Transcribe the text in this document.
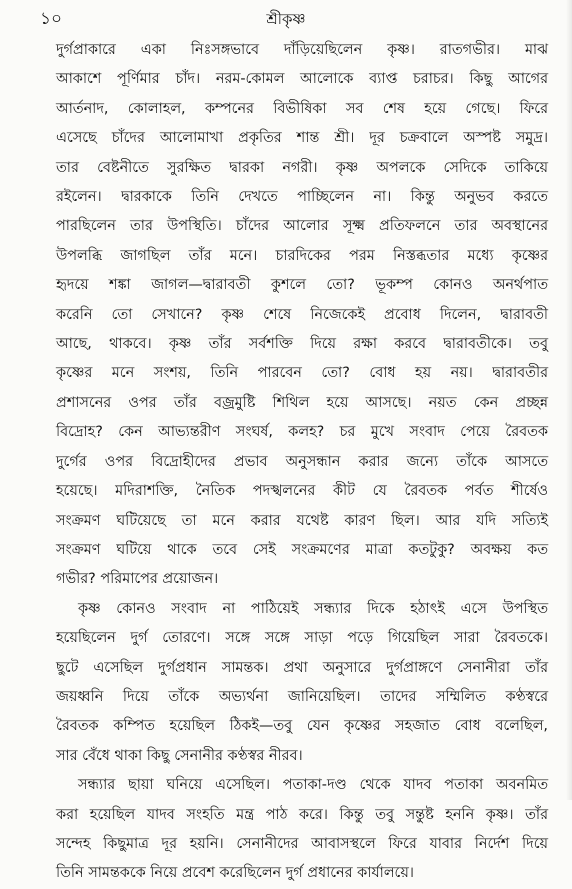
১০	শ্রীকৃষ্ণ

দুর্গপ্রাকারে একা নিঃসঙ্গভাবে দাঁড়িয়েছিলেন কৃষ্ণ। রাতগভীর। মাঝ
আকাশে পূর্ণিমার চাঁদ। নরম-কোমল আলোকে ব্যাপ্ত চরাচর। কিছু আগের
আর্তনাদ, কোলাহল, কম্পনের বিভীষিকা সব শেষ হয়ে গেছে। ফিরে
এসেছে চাঁদের আলোমাখা প্রকৃতির শান্ত শ্রী। দূর চক্রবালে অস্পষ্ট সমুদ্র।
তার বেষ্টনীতে সুরক্ষিত দ্বারকা নগরী। কৃষ্ণ অপলকে সেদিকে তাকিয়ে
রইলেন। দ্বারকাকে তিনি দেখতে পাচ্ছিলেন না। কিন্তু অনুভব করতে
পারছিলেন তার উপস্থিতি। চাঁদের আলোর সূক্ষ্ম প্রতিফলনে তার অবস্থানের
উপলব্ধি জাগছিল তাঁর মনে। চারদিকের পরম নিস্তব্ধতার মধ্যে কৃষ্ণের
হৃদয়ে শঙ্কা জাগল—দ্বারাবতী কুশলে তো? ভূকম্প কোনও অনর্থপাত
করেনি তো সেখানে? কৃষ্ণ শেষে নিজেকেই প্রবোধ দিলেন, দ্বারাবতী
আছে, থাকবে। কৃষ্ণ তাঁর সর্বশক্তি দিয়ে রক্ষা করবে দ্বারাবতীকে। তবু
কৃষ্ণের মনে সংশয়, তিনি পারবেন তো? বোধ হয় নয়। দ্বারাবতীর
প্রশাসনের ওপর তাঁর বজ্রমুষ্টি শিথিল হয়ে আসছে। নয়ত কেন প্রচ্ছন্ন
বিদ্রোহ? কেন আভ্যন্তরীণ সংঘর্ষ, কলহ? চর মুখে সংবাদ পেয়ে রৈবতক
দুর্গের ওপর বিদ্রোহীদের প্রভাব অনুসন্ধান করার জন্যে তাঁকে আসতে
হয়েছে। মদিরাশক্তি, নৈতিক পদস্খলনের কীট যে রৈবতক পর্বত শীর্ষেও
সংক্রমণ ঘটিয়েছে তা মনে করার যথেষ্ট কারণ ছিল। আর যদি সত্যিই
সংক্রমণ ঘটিয়ে থাকে তবে সেই সংক্রমণের মাত্রা কতটুকু? অবক্ষয় কত
গভীর? পরিমাপের প্রয়োজন।

কৃষ্ণ কোনও সংবাদ না পাঠিয়েই সন্ধ্যার দিকে হঠাৎই এসে উপস্থিত
হয়েছিলেন দুর্গ তোরণে। সঙ্গে সঙ্গে সাড়া পড়ে গিয়েছিল সারা রৈবতকে।
ছুটে এসেছিল দুর্গপ্রধান সামন্তক। প্রথা অনুসারে দুর্গপ্রাঙ্গণে সেনানীরা তাঁর
জয়ধ্বনি দিয়ে তাঁকে অভ্যর্থনা জানিয়েছিল। তাদের সম্মিলিত কণ্ঠস্বরে
রৈবতক কম্পিত হয়েছিল ঠিকই—তবু যেন কৃষ্ণের সহজাত বোধ বলেছিল,
সার বেঁধে থাকা কিছু সেনানীর কণ্ঠস্বর নীরব।

সন্ধ্যার ছায়া ঘনিয়ে এসেছিল। পতাকা-দণ্ড থেকে যাদব পতাকা অবনমিত
করা হয়েছিল যাদব সংহতি মন্ত্র পাঠ করে। কিন্তু তবু সন্তুষ্ট হননি কৃষ্ণ। তাঁর
সন্দেহ কিছুমাত্র দূর হয়নি। সেনানীদের আবাসস্থলে ফিরে যাবার নির্দেশ দিয়ে
তিনি সামন্তককে নিয়ে প্রবেশ করেছিলেন দুর্গ প্রধানের কার্যালয়ে।
